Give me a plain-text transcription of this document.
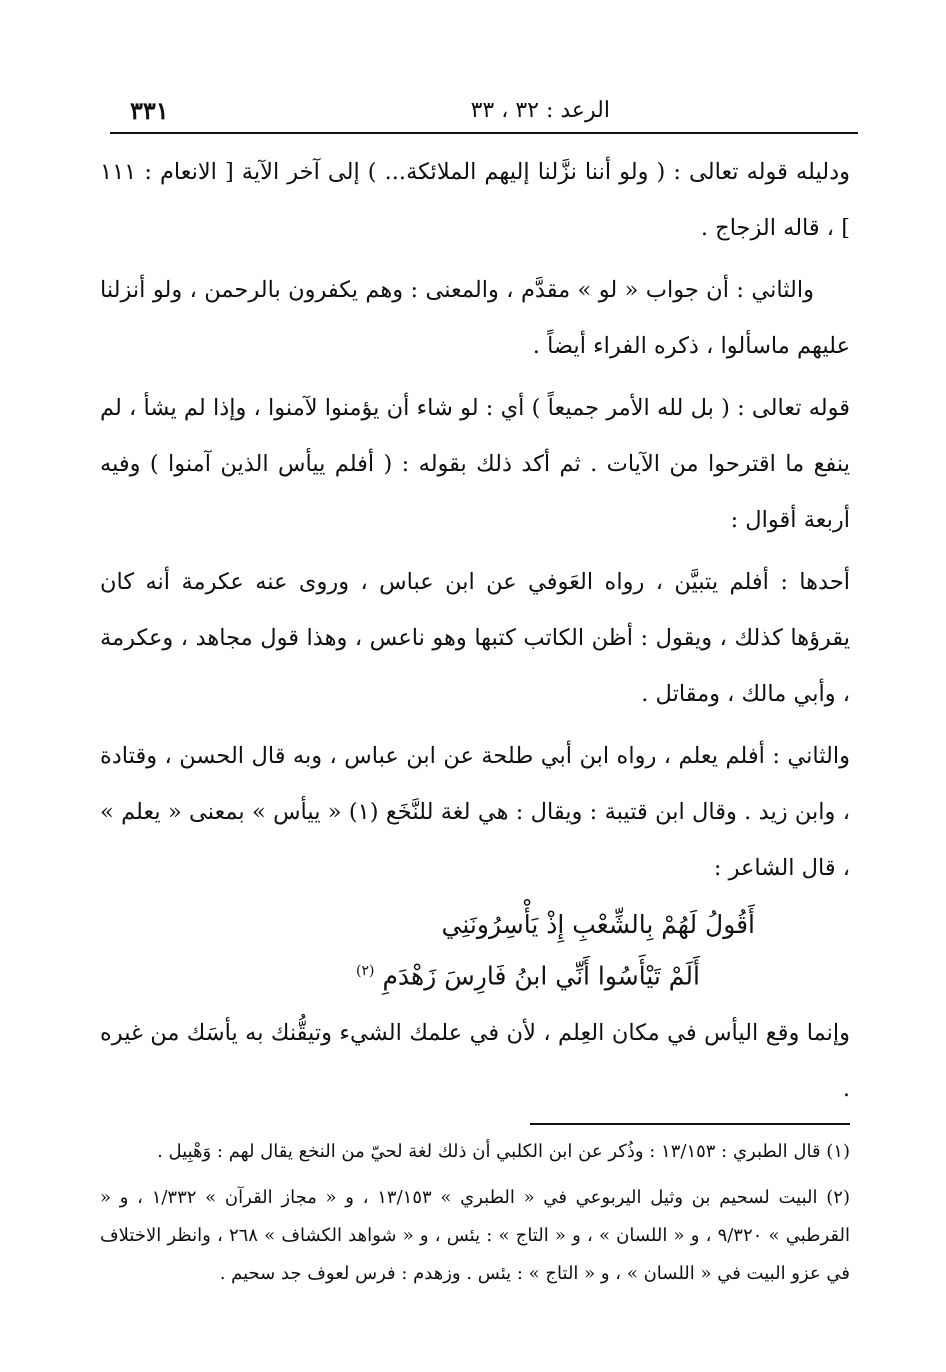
الرعد : ٣٢ ، ٣٣
٣٣١

ودليله قوله تعالى : ( ولو أننا نزَّلنا إليهم الملائكة... ) إلى آخر الآية [ الانعام : ١١١ ] ، قاله الزجاج .

والثاني : أن جواب « لو » مقدَّم ، والمعنى : وهم يكفرون بالرحمن ، ولو أنزلنا عليهم ماسألوا ، ذكره الفراء أيضاً .

قوله تعالى : ( بل لله الأمر جميعاً ) أي : لو شاء أن يؤمنوا لآمنوا ، وإذا لم يشأ ، لم ينفع ما اقترحوا من الآيات . ثم أكد ذلك بقوله : ( أفلم ييأس الذين آمنوا ) وفيه أربعة أقوال :

أحدها : أفلم يتبيَّن ، رواه العَوفي عن ابن عباس ، وروى عنه عكرمة أنه كان يقرؤها كذلك ، ويقول : أظن الكاتب كتبها وهو ناعس ، وهذا قول مجاهد ، وعكرمة ، وأبي مالك ، ومقاتل .

والثاني : أفلم يعلم ، رواه ابن أبي طلحة عن ابن عباس ، وبه قال الحسن ، وقتادة ، وابن زيد . وقال ابن قتيبة : ويقال : هي لغة للنَّخَع (١) « ييأس » بمعنى « يعلم » ، قال الشاعر :

أَقُولُ لَهُمْ بِالشِّعْبِ إِذْ يَأْسِرُونَنِي
أَلَمْ تَيْأَسُوا أَنِّي ابنُ فَارِسَ زَهْدَمِ $^{(٢)}$

وإنما وقع اليأس في مكان العِلم ، لأن في علمك الشيء وتيقُّنك به يأسَك من غيره .

(١) قال الطبري : ١٣/١٥٣ : وذُكر عن ابن الكلبي أن ذلك لغة لحيّ من النخع يقال لهم : وَهْبِيل .

(٢) البيت لسحيم بن وثيل اليربوعي في « الطبري » ١٣/١٥٣ ، و « مجاز القرآن » ١/٣٣٢ ، و « القرطبي » ٩/٣٢٠ ، و « اللسان » ، و « التاج » : يئس ، و « شواهد الكشاف » ٢٦٨ ، وانظر الاختلاف في عزو البيت في « اللسان » ، و « التاج » : يئس . وزهدم : فرس لعوف جد سحيم .
